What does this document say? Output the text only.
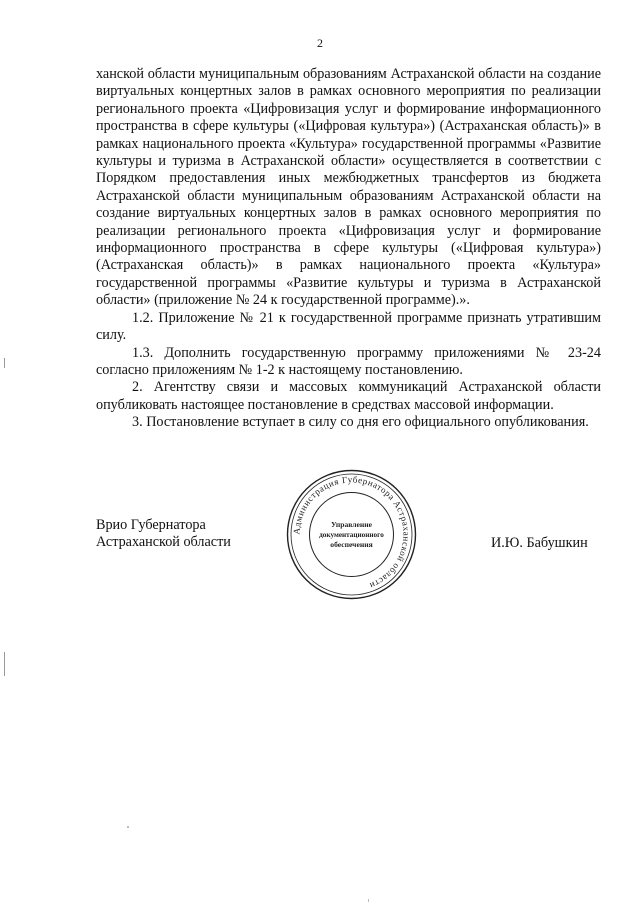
2

ханской области муниципальным образованиям Астраханской области на создание виртуальных концертных залов в рамках основного мероприятия по реализации регионального проекта «Цифровизация услуг и формирование информационного пространства в сфере культуры («Цифровая культура») (Астраханская область)» в рамках национального проекта «Культура» государственной программы «Развитие культуры и туризма в Астраханской области» осуществляется в соответствии с Порядком предоставления иных межбюджетных трансфертов из бюджета Астраханской области муниципальным образованиям Астраханской области на создание виртуальных концертных залов в рамках основного мероприятия по реализации регионального проекта «Цифровизация услуг и формирование информационного пространства в сфере культуры («Цифровая культура») (Астраханская область)» в рамках национального проекта «Культура» государственной программы «Развитие культуры и туризма в Астраханской области» (приложение № 24 к государственной программе).».

1.2. Приложение № 21 к государственной программе признать утратившим силу.

1.3. Дополнить государственную программу приложениями № 23-24 согласно приложениям № 1-2 к настоящему постановлению.

2. Агентству связи и массовых коммуникаций Астраханской области опубликовать настоящее постановление в средствах массовой информации.

3. Постановление вступает в силу со дня его официального опубликования.

Врио Губернатора
Астраханской области	И.Ю. Бабушкин
Администрация Губернатора Астраханской области
Управление
документационного
обеспечения
